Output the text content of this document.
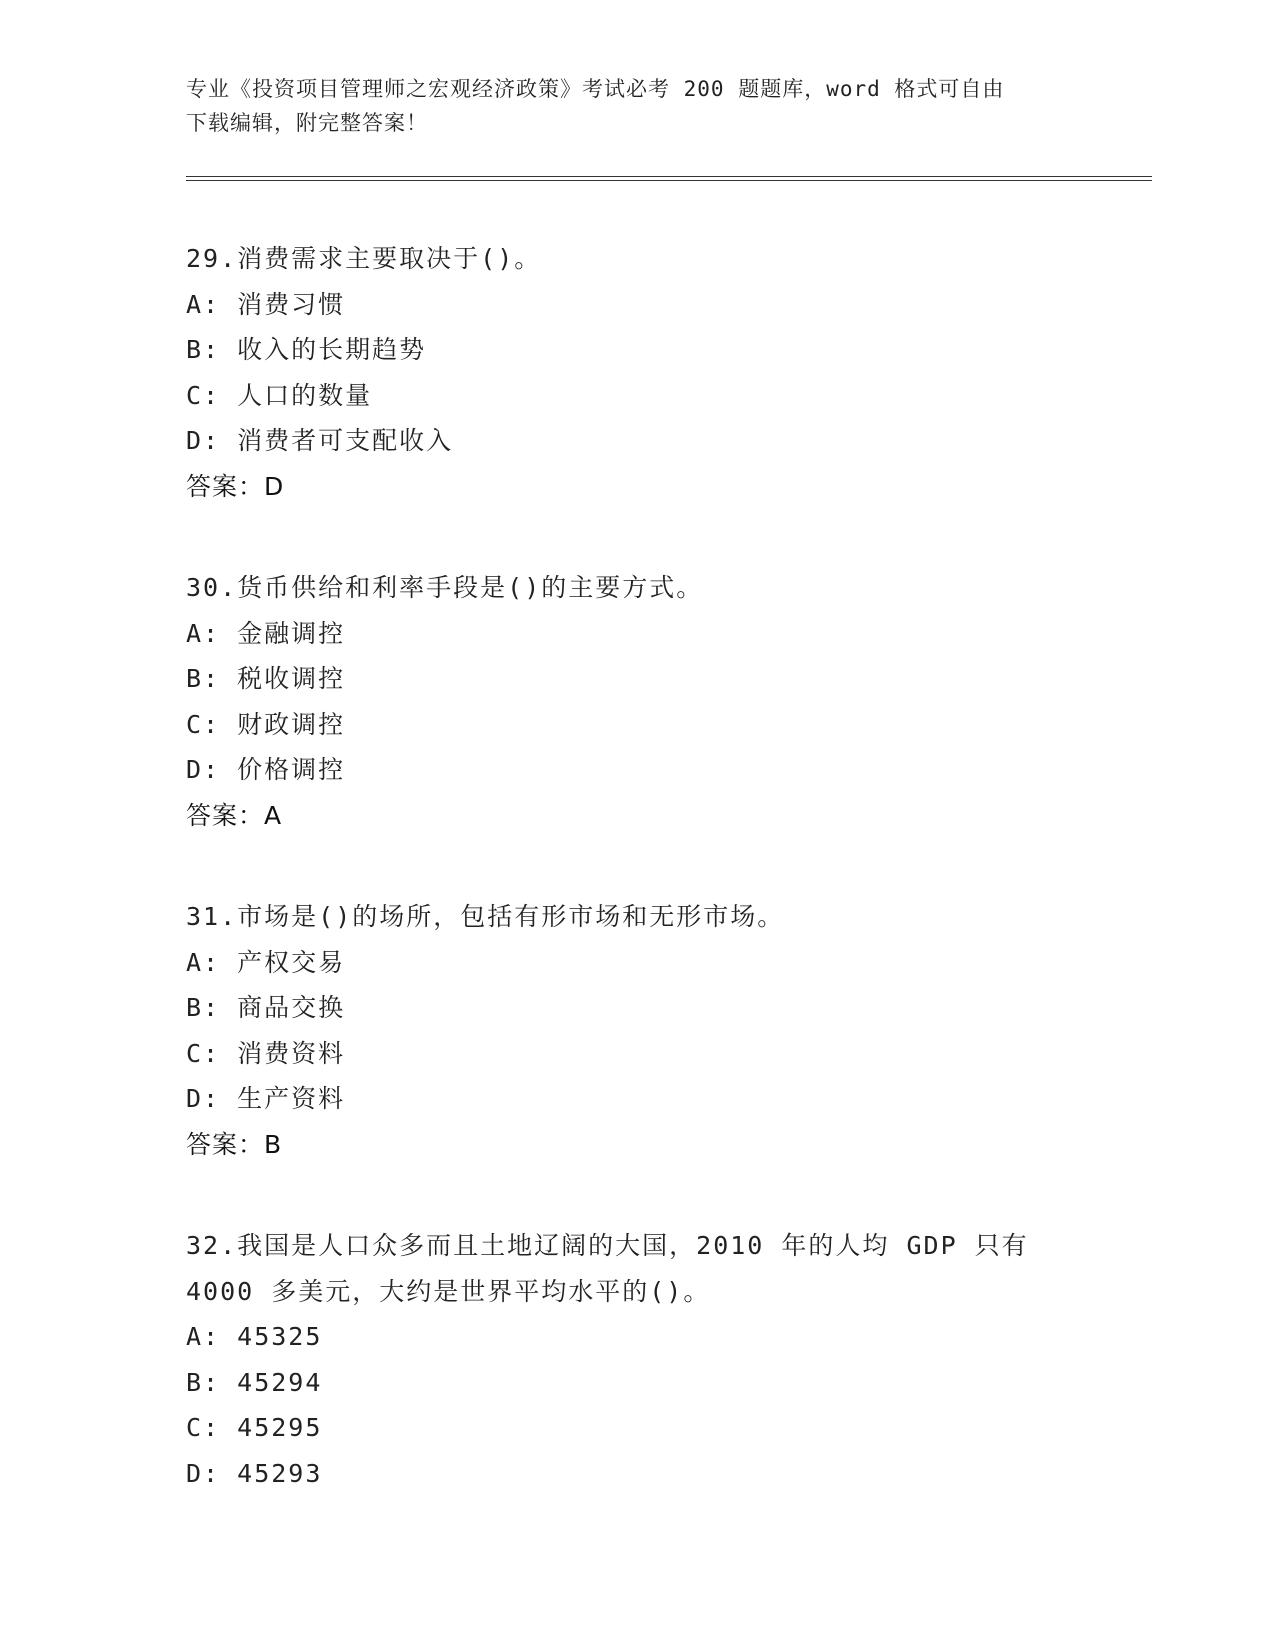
专业《投资项目管理师之宏观经济政策》考试必考 200 题题库，word 格式可自由
下载编辑，附完整答案！
29.消费需求主要取决于()。
A: 消费习惯
B: 收入的长期趋势
C: 人口的数量
D: 消费者可支配收入
答案：D
30.货币供给和利率手段是()的主要方式。
A: 金融调控
B: 税收调控
C: 财政调控
D: 价格调控
答案：A
31.市场是()的场所，包括有形市场和无形市场。
A: 产权交易
B: 商品交换
C: 消费资料
D: 生产资料
答案：B
32.我国是人口众多而且土地辽阔的大国，2010 年的人均 GDP 只有
4000 多美元，大约是世界平均水平的()。
A: 45325
B: 45294
C: 45295
D: 45293
